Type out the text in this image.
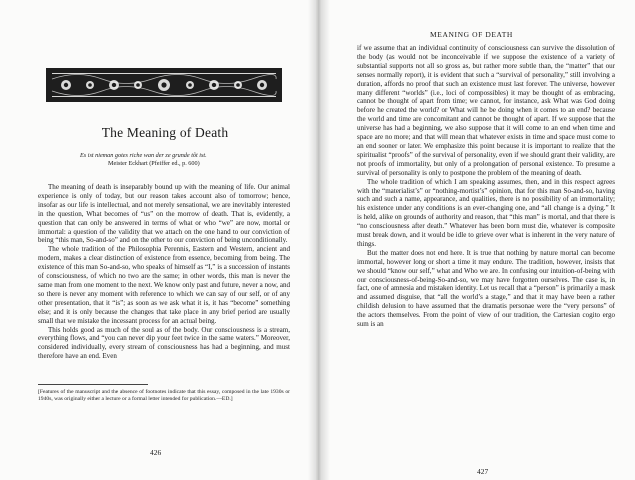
The Meaning of Death
Es ist nieman gotes riche wan der ze grunde tôt ist.
Meister Eckhart (Pfeiffer ed., p. 600)

The meaning of death is inseparably bound up with the meaning of life. Our animal experience is only of today, but our reason takes account also of tomorrow; hence, insofar as our life is intellectual, and not merely sensational, we are inevitably interested in the question, What becomes of “us” on the morrow of death. That is, evidently, a question that can only be answered in terms of what or who “we” are now, mortal or immortal: a question of the validity that we attach on the one hand to our conviction of being “this man, So-and-so” and on the other to our conviction of being unconditionally.

The whole tradition of the Philosophia Perennis, Eastern and Western, ancient and modern, makes a clear distinction of existence from essence, becoming from being. The existence of this man So-and-so, who speaks of himself as “I,” is a succession of instants of consciousness, of which no two are the same; in other words, this man is never the same man from one moment to the next. We know only past and future, never a now, and so there is never any moment with reference to which we can say of our self, or of any other presentation, that it “is”; as soon as we ask what it is, it has “become” something else; and it is only because the changes that take place in any brief period are usually small that we mistake the incessant process for an actual being.

This holds good as much of the soul as of the body. Our consciousness is a stream, everything flows, and “you can never dip your feet twice in the same waters.” Moreover, considered individually, every stream of consciousness has had a beginning, and must therefore have an end. Even

[Features of the manuscript and the absence of footnotes indicate that this essay, composed in the late 1930s or 1940s, was originally either a lecture or a formal letter intended for publication.—ED.]
426

if we assume that an individual continuity of consciousness can survive the dissolution of the body (as would not be inconceivable if we suppose the existence of a variety of substantial supports not all so gross as, but rather more subtle than, the “matter” that our senses normally report), it is evident that such a “survival of personality,” still involving a duration, affords no proof that such an existence must last forever. The universe, however many different “worlds” (i.e., loci of compossibles) it may be thought of as embracing, cannot be thought of apart from time; we cannot, for instance, ask What was God doing before he created the world? or What will he be doing when it comes to an end? because the world and time are concomitant and cannot be thought of apart. If we suppose that the universe has had a beginning, we also suppose that it will come to an end when time and space are no more; and that will mean that whatever exists in time and space must come to an end sooner or later. We emphasize this point because it is important to realize that the spiritualist “proofs” of the survival of personality, even if we should grant their validity, are not proofs of immortality, but only of a prolongation of personal existence. To presume a survival of personality is only to postpone the problem of the meaning of death.

The whole tradition of which I am speaking assumes, then, and in this respect agrees with the “materialist’s” or “nothing-mortist’s” opinion, that for this man So-and-so, having such and such a name, appearance, and qualities, there is no possibility of an immortality; his existence under any conditions is an ever-changing one, and “all change is a dying.” It is held, alike on grounds of authority and reason, that “this man” is mortal, and that there is “no consciousness after death.” Whatever has been born must die, whatever is composite must break down, and it would be idle to grieve over what is inherent in the very nature of things.

But the matter does not end here. It is true that nothing by nature mortal can become immortal, however long or short a time it may endure. The tradition, however, insists that we should “know our self,” what and Who we are. In confusing our intuition-of-being with our consciousness-of-being-So-and-so, we may have forgotten ourselves. The case is, in fact, one of amnesia and mistaken identity. Let us recall that a “person” is primarily a mask and assumed disguise, that “all the world’s a stage,” and that it may have been a rather childish delusion to have assumed that the dramatis personae were the “very persons” of the actors themselves. From the point of view of our tradition, the Cartesian cogito ergo sum is an

427
MEANING OF DEATH
